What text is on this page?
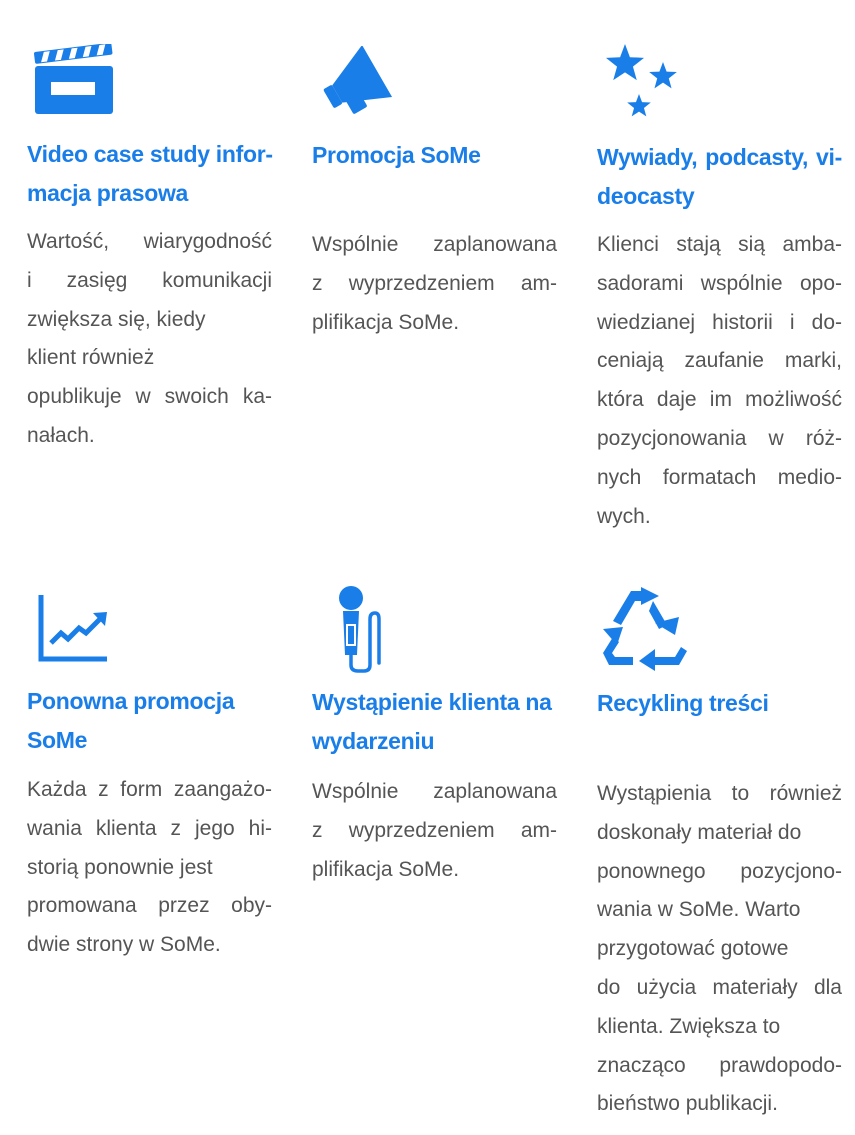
Video case study infor-
macja prasowa
Wartość, wiarygodność
i zasięg komunikacji
zwiększa się, kiedy
klient również
opublikuje w swoich ka-
nałach.
Promocja SoMe
Wspólnie zaplanowana
z wyprzedzeniem am-
plifikacja SoMe.
Wywiady, podcasty, vi-
deocasty
Klienci stają sią amba-
sadorami wspólnie opo-
wiedzianej historii i do-
ceniają zaufanie marki,
która daje im możliwość
pozycjonowania w róż-
nych formatach medio-
wych.
Ponowna promocja
SoMe
Każda z form zaangażo-
wania klienta z jego hi-
storią ponownie jest
promowana przez oby-
dwie strony w SoMe.
Wystąpienie klienta na
wydarzeniu
Wspólnie zaplanowana
z wyprzedzeniem am-
plifikacja SoMe.
Recykling treści
Wystąpienia to również
doskonały materiał do
ponownego pozycjono-
wania w SoMe. Warto
przygotować gotowe
do użycia materiały dla
klienta. Zwiększa to
znacząco prawdopodo-
bieństwo publikacji.
